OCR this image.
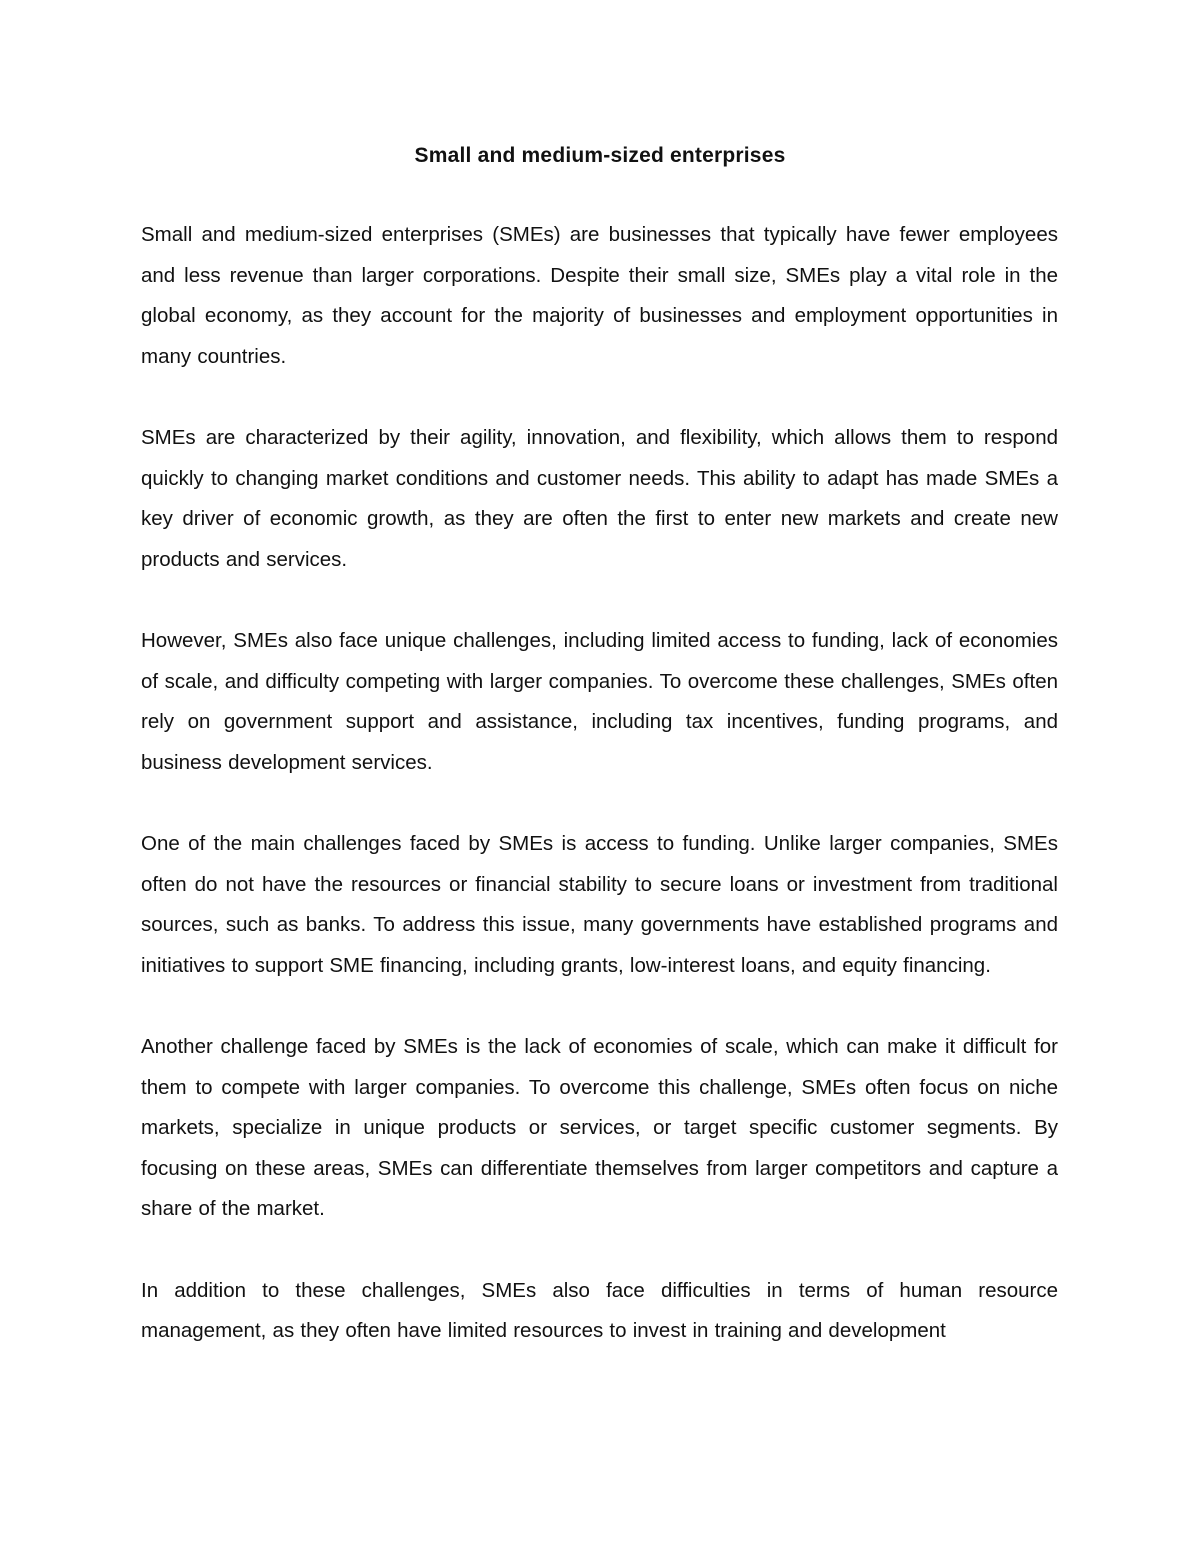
Small and medium-sized enterprises

Small and medium-sized enterprises (SMEs) are businesses that typically have fewer employees and less revenue than larger corporations. Despite their small size, SMEs play a vital role in the global economy, as they account for the majority of businesses and employment opportunities in many countries.

SMEs are characterized by their agility, innovation, and flexibility, which allows them to respond quickly to changing market conditions and customer needs. This ability to adapt has made SMEs a key driver of economic growth, as they are often the first to enter new markets and create new products and services.

However, SMEs also face unique challenges, including limited access to funding, lack of economies of scale, and difficulty competing with larger companies. To overcome these challenges, SMEs often rely on government support and assistance, including tax incentives, funding programs, and business development services.

One of the main challenges faced by SMEs is access to funding. Unlike larger companies, SMEs often do not have the resources or financial stability to secure loans or investment from traditional sources, such as banks. To address this issue, many governments have established programs and initiatives to support SME financing, including grants, low-interest loans, and equity financing.

Another challenge faced by SMEs is the lack of economies of scale, which can make it difficult for them to compete with larger companies. To overcome this challenge, SMEs often focus on niche markets, specialize in unique products or services, or target specific customer segments. By focusing on these areas, SMEs can differentiate themselves from larger competitors and capture a share of the market.

In addition to these challenges, SMEs also face difficulties in terms of human resource management, as they often have limited resources to invest in training and development
